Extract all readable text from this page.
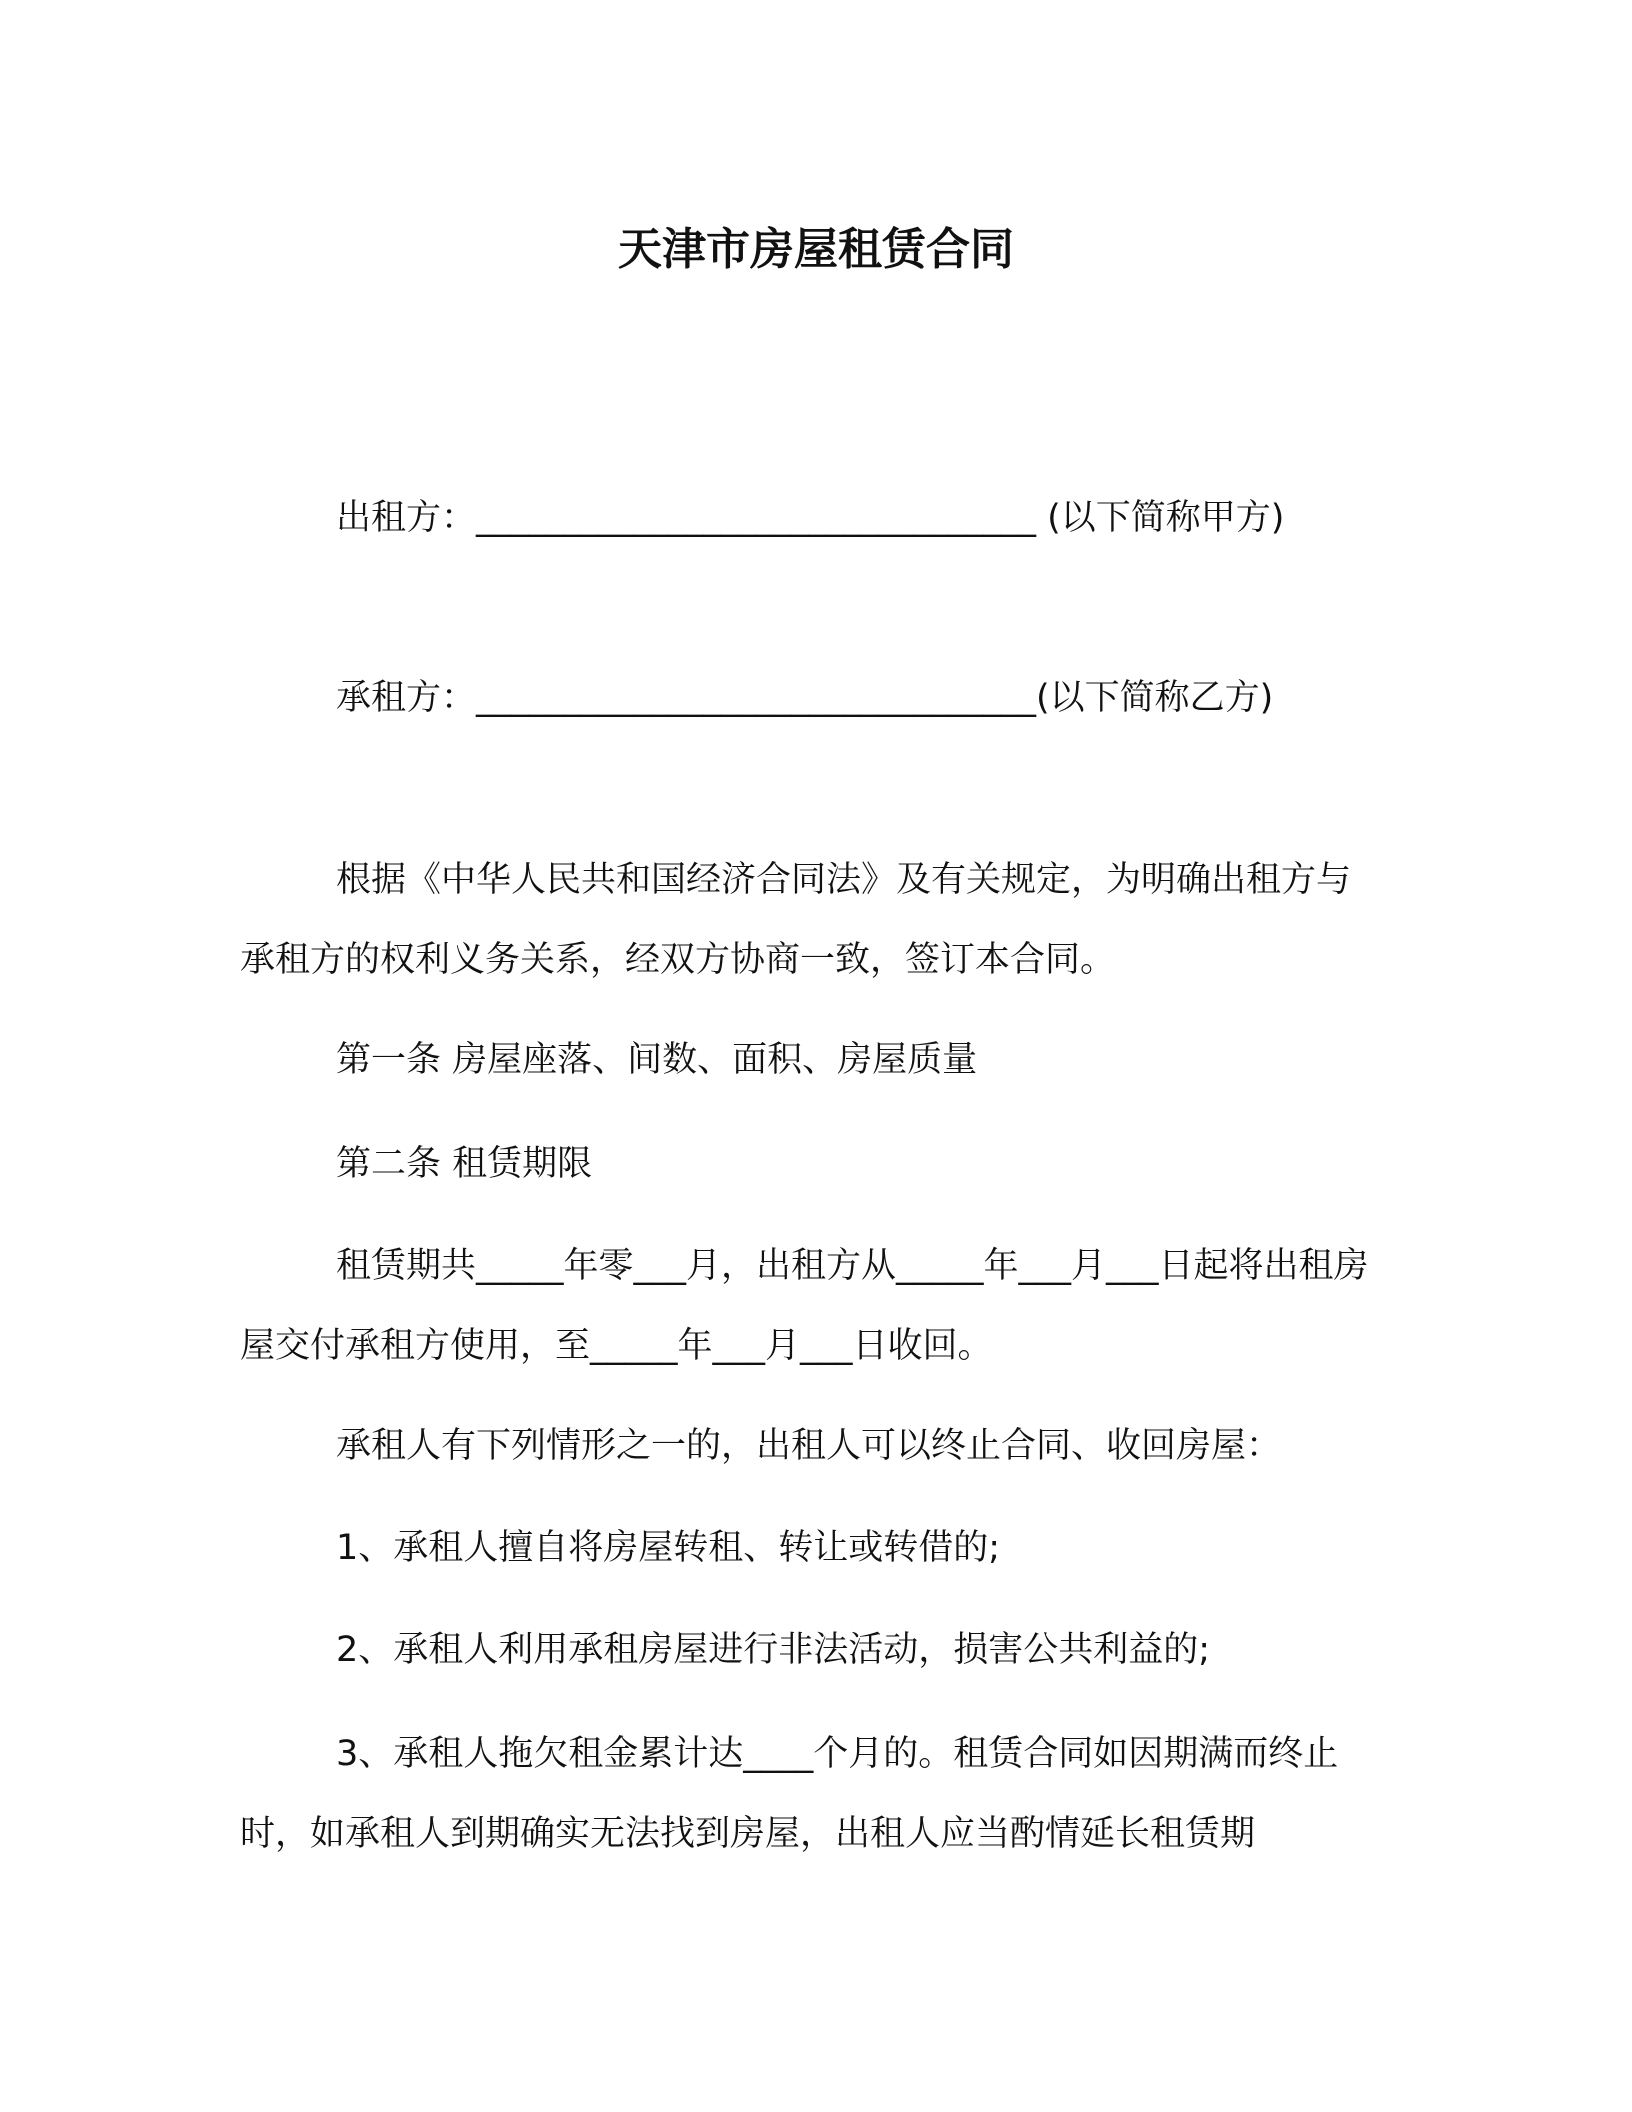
天津市房屋租赁合同

出租方：________________________________ (以下简称甲方)

承租方：________________________________(以下简称乙方)

根据《中华人民共和国经济合同法》及有关规定，为明确出租方与承租方的权利义务关系，经双方协商一致，签订本合同。

第一条 房屋座落、间数、面积、房屋质量

第二条 租赁期限

租赁期共_____年零___月，出租方从_____年___月___日起将出租房屋交付承租方使用，至_____年___月___日收回。

承租人有下列情形之一的，出租人可以终止合同、收回房屋：

1、承租人擅自将房屋转租、转让或转借的;

2、承租人利用承租房屋进行非法活动，损害公共利益的;

3、承租人拖欠租金累计达____个月的。租赁合同如因期满而终止时，如承租人到期确实无法找到房屋，出租人应当酌情延长租赁期
